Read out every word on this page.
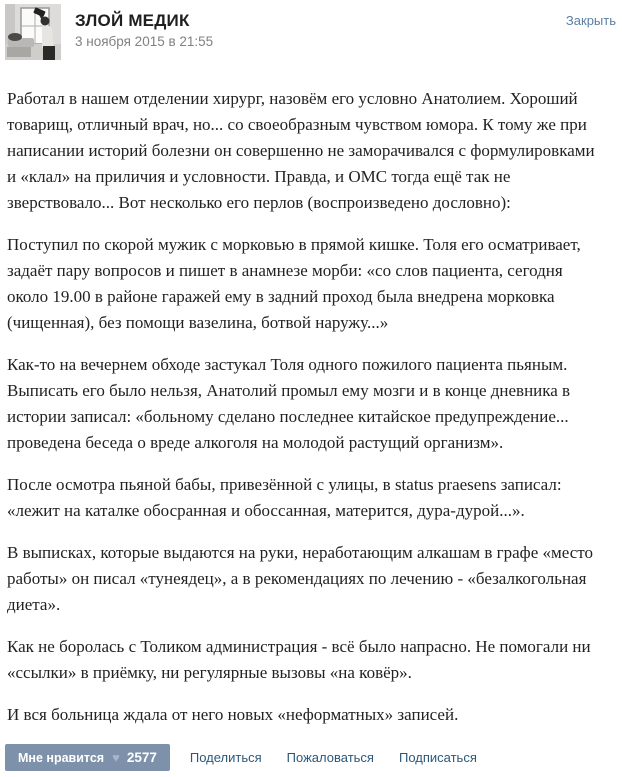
ЗЛОЙ МЕДИК
3 ноября 2015 в 21:55
Закрыть

Работал в нашем отделении хирург, назовём его условно Анатолием. Хороший товарищ, отличный врач, но... со своеобразным чувством юмора. К тому же при написании историй болезни он совершенно не заморачивался с формулировками и «клал» на приличия и условности. Правда, и ОМС тогда ещё так не зверствовало... Вот несколько его перлов (воспроизведено дословно):

Поступил по скорой мужик с морковью в прямой кишке. Толя его осматривает, задаёт пару вопросов и пишет в анамнезе морби: «со слов пациента, сегодня около 19.00 в районе гаражей ему в задний проход была внедрена морковка (чищенная), без помощи вазелина, ботвой наружу...»

Как-то на вечернем обходе застукал Толя одного пожилого пациента пьяным. Выписать его было нельзя, Анатолий промыл ему мозги и в конце дневника в истории записал: «больному сделано последнее китайское предупреждение... проведена беседа о вреде алкоголя на молодой растущий организм».

После осмотра пьяной бабы, привезённой с улицы, в status praesens записал: «лежит на каталке обосранная и обоссанная, матерится, дура-дурой...».

В выписках, которые выдаются на руки, неработающим алкашам в графе «место работы» он писал «тунеядец», а в рекомендациях по лечению - «безалкогольная диета».

Как не боролась с Толиком администрация - всё было напрасно. Не помогали ни «ссылки» в приёмку, ни регулярные вызовы «на ковёр».

И вся больница ждала от него новых «неформатных» записей.

Мне нравится ♥ 2577	Поделиться Пожаловаться Подписаться
